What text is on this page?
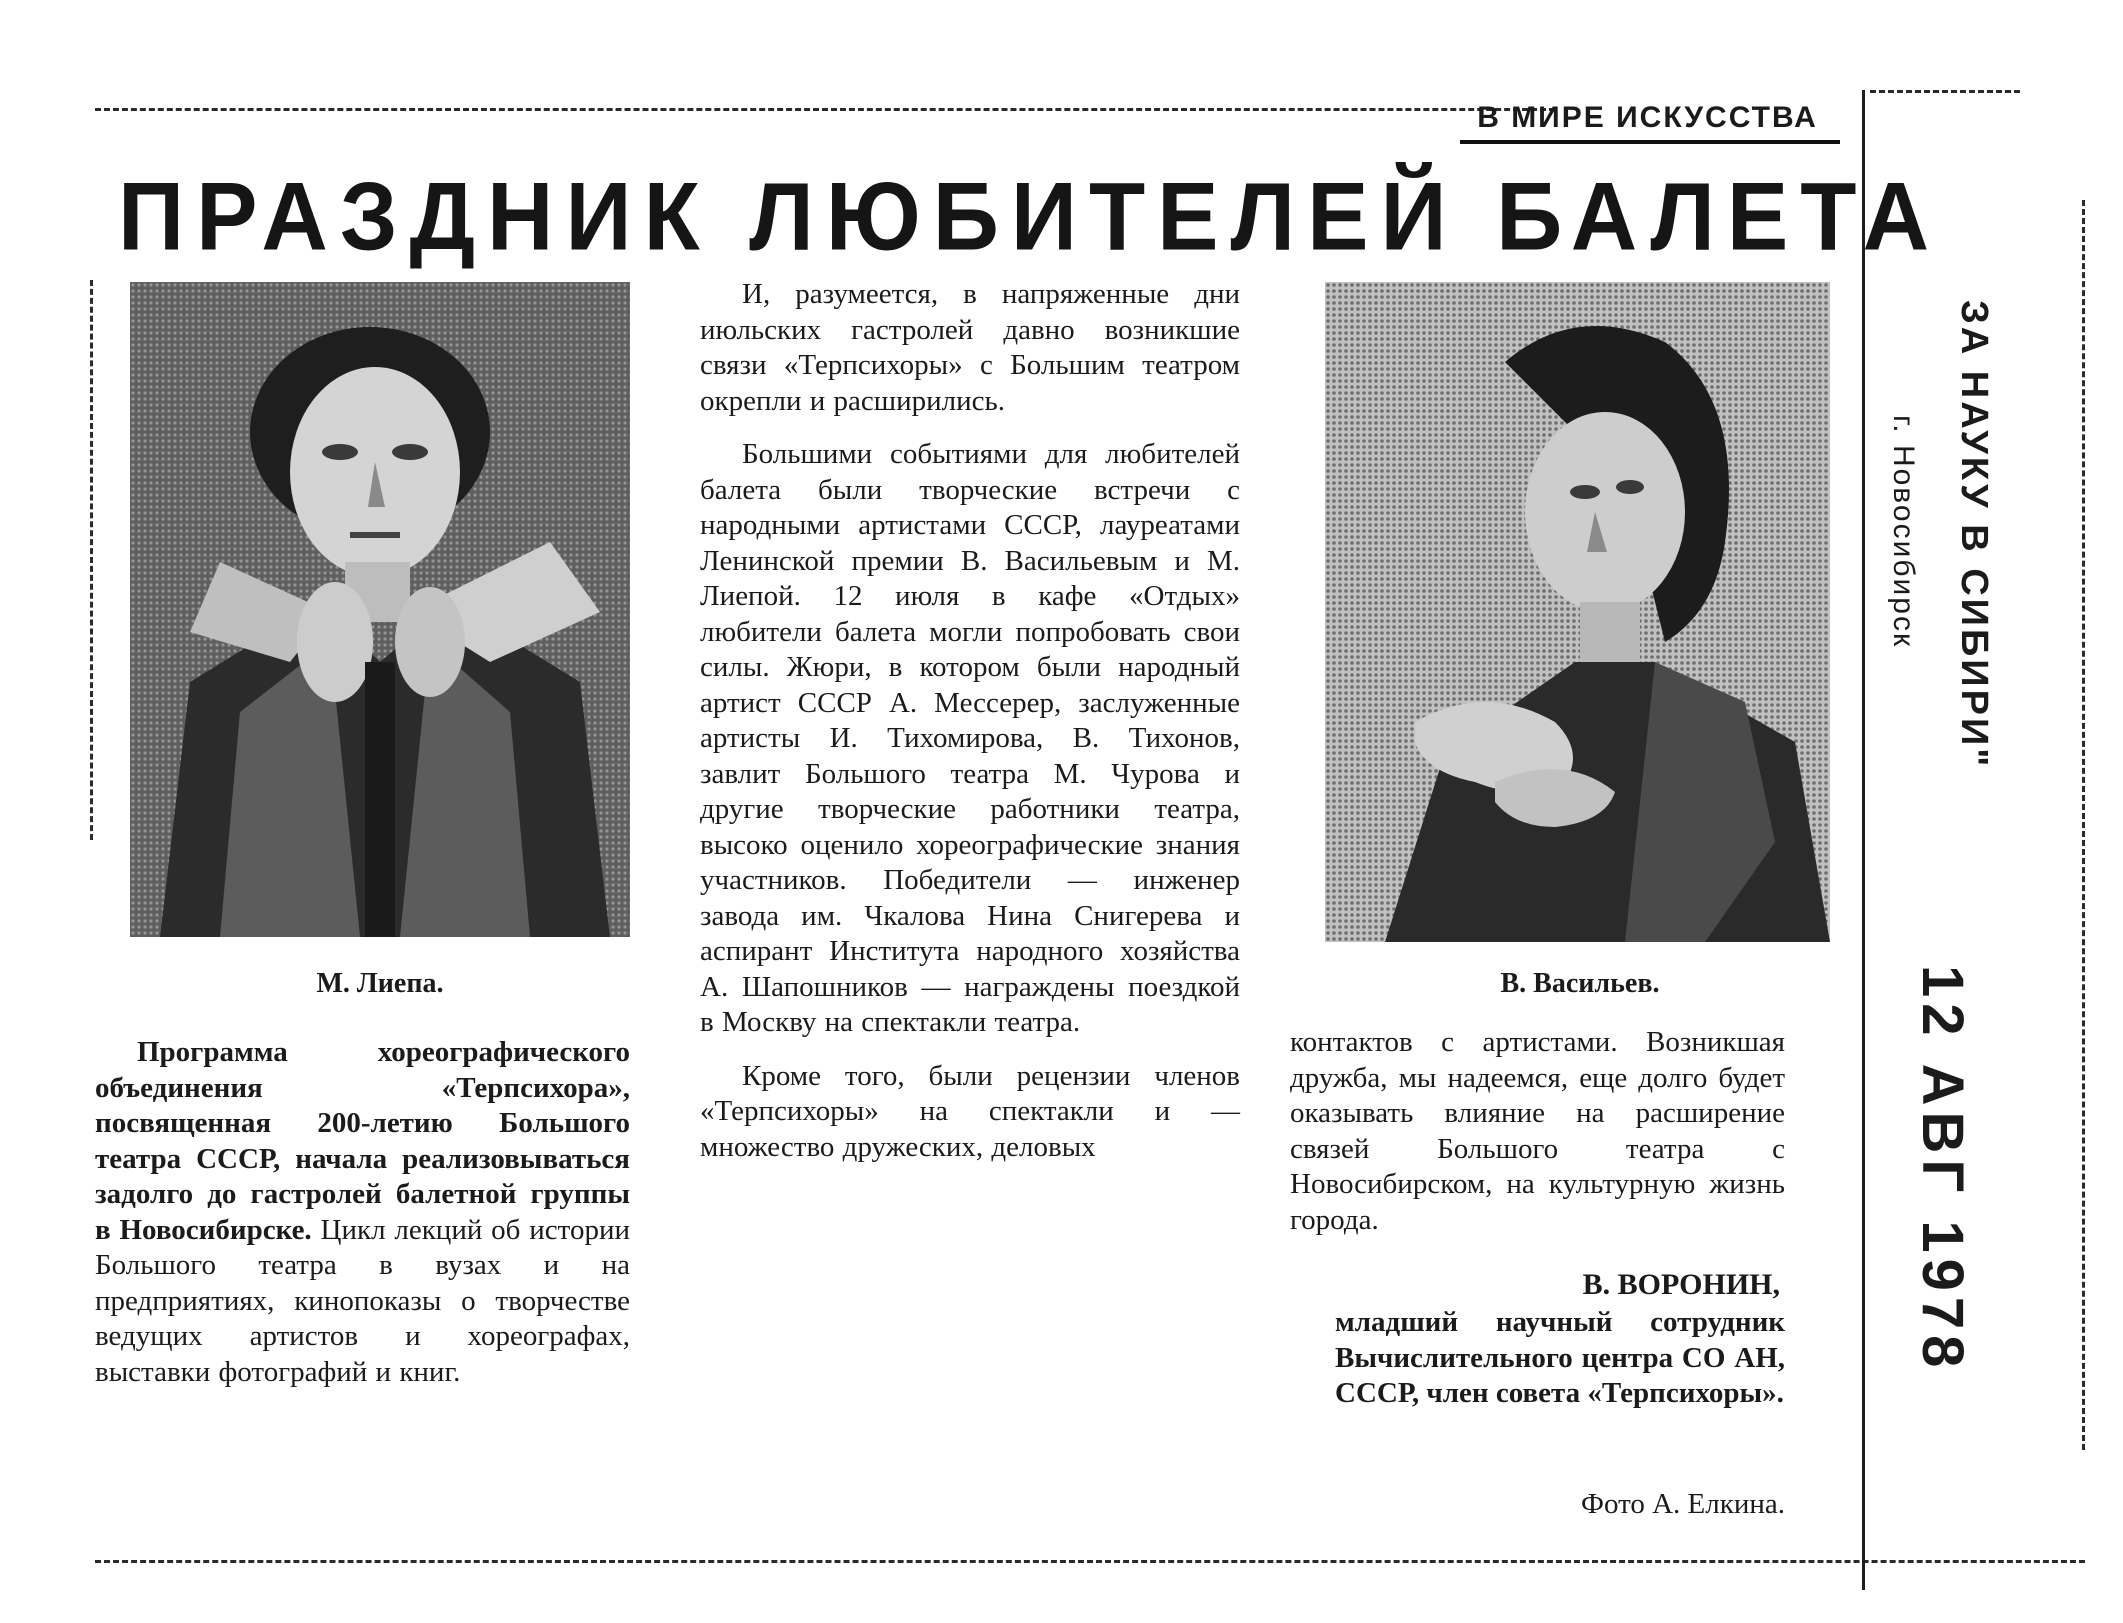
В МИРЕ ИСКУССТВА
ПРАЗДНИК ЛЮБИТЕЛЕЙ БАЛЕТА
М. Лиепа.	В. Васильев.

Программа хореографического объединения «Терпсихора», посвященная 200-летию Большого театра СССР, начала реализовываться задолго до гастролей балетной группы в Новосибирске. Цикл лекций об истории Большого театра в вузах и на предприятиях, кинопоказы о творчестве ведущих артистов и хореографах, выставки фотографий и книг.

И, разумеется, в напряженные дни июльских гастролей давно возникшие связи «Терпсихоры» с Большим театром окрепли и расширились.

Большими событиями для любителей балета были творческие встречи с народными артистами СССР, лауреатами Ленинской премии В. Васильевым и М. Лиепой. 12 июля в кафе «Отдых» любители балета могли попробовать свои силы. Жюри, в котором были народный артист СССР А. Мессерер, заслуженные артисты И. Тихомирова, В. Тихонов, завлит Большого театра М. Чурова и другие творческие работники театра, высоко оценило хореографические знания участников. Победители — инженер завода им. Чкалова Нина Снигерева и аспирант Института народного хозяйства А. Шапошников — награждены поездкой в Москву на спектакли театра.

Кроме того, были рецензии членов «Терпсихоры» на спектакли и — множество дружеских, деловых

контактов с артистами. Возникшая дружба, мы надеемся, еще долго будет оказывать влияние на расширение связей Большого театра с Новосибирском, на культурную жизнь города.

В. ВОРОНИН,
младший научный сотрудник Вычислительного центра СО АН, СССР, член совета «Терпсихоры».
Фото А. Елкина.
ЗА НАУКУ В СИБИРИ"
г. Новосибирск
12 АВГ 1978
